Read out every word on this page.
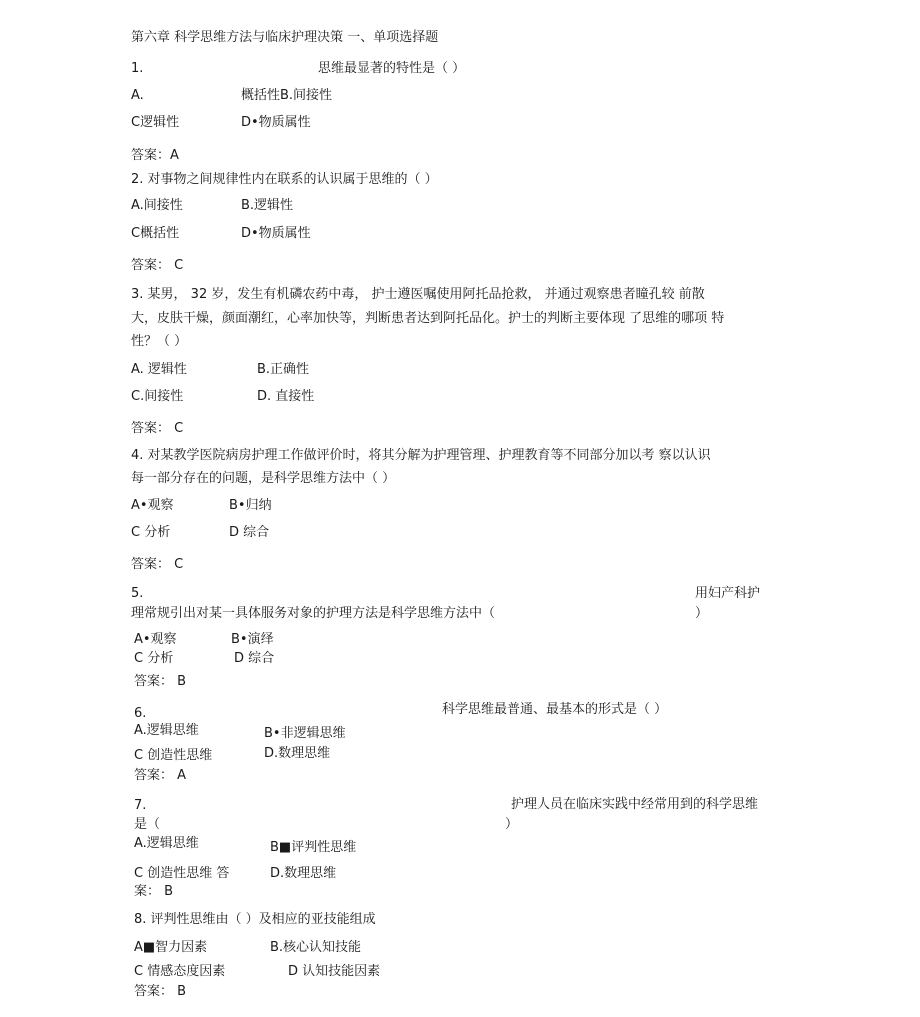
第六章 科学思维方法与临床护理决策 一、单项选择题
1.	思维最显著的特性是（ ）
A.	概括性B.间接性
C逻辑性	D•物质属性
答案：A
2. 对事物之间规律性内在联系的认识属于思维的（ ）
A.间接性	B.逻辑性
C概括性	D•物质属性
答案： C
3. 某男， 32 岁，发生有机磷农药中毒， 护士遵医嘱使用阿托品抢救， 并通过观察患者瞳孔较 前散
大，皮肤干燥，颜面潮红，心率加快等，判断患者达到阿托品化。护士的判断主要体现 了思维的哪项 特
性？（ ）
A. 逻辑性	B.正确性
C.间接性	D. 直接性
答案： C
4. 对某教学医院病房护理工作做评价时，将其分解为护理管理、护理教育等不同部分加以考 察以认识
每一部分存在的问题，是科学思维方法中（ ）
A•观察	B•归纳
C 分析	D 综合
答案： C
5.	用妇产科护
理常规引出对某一具体服务对象的护理方法是科学思维方法中（	）
A•观察	B•演绎
C 分析	D 综合
答案： B
6.	科学思维最普通、最基本的形式是（ ）
A.逻辑思维	B•非逻辑思维
C 创造性思维	D.数理思维
答案： A
7.	护理人员在临床实践中经常用到的科学思维
是（	）
A.逻辑思维	B■评判性思维
C 创造性思维 答	D.数理思维
案： B
8. 评判性思维由（ ）及相应的亚技能组成
A■智力因素	B.核心认知技能
C 情感态度因素	D 认知技能因素
答案： B
